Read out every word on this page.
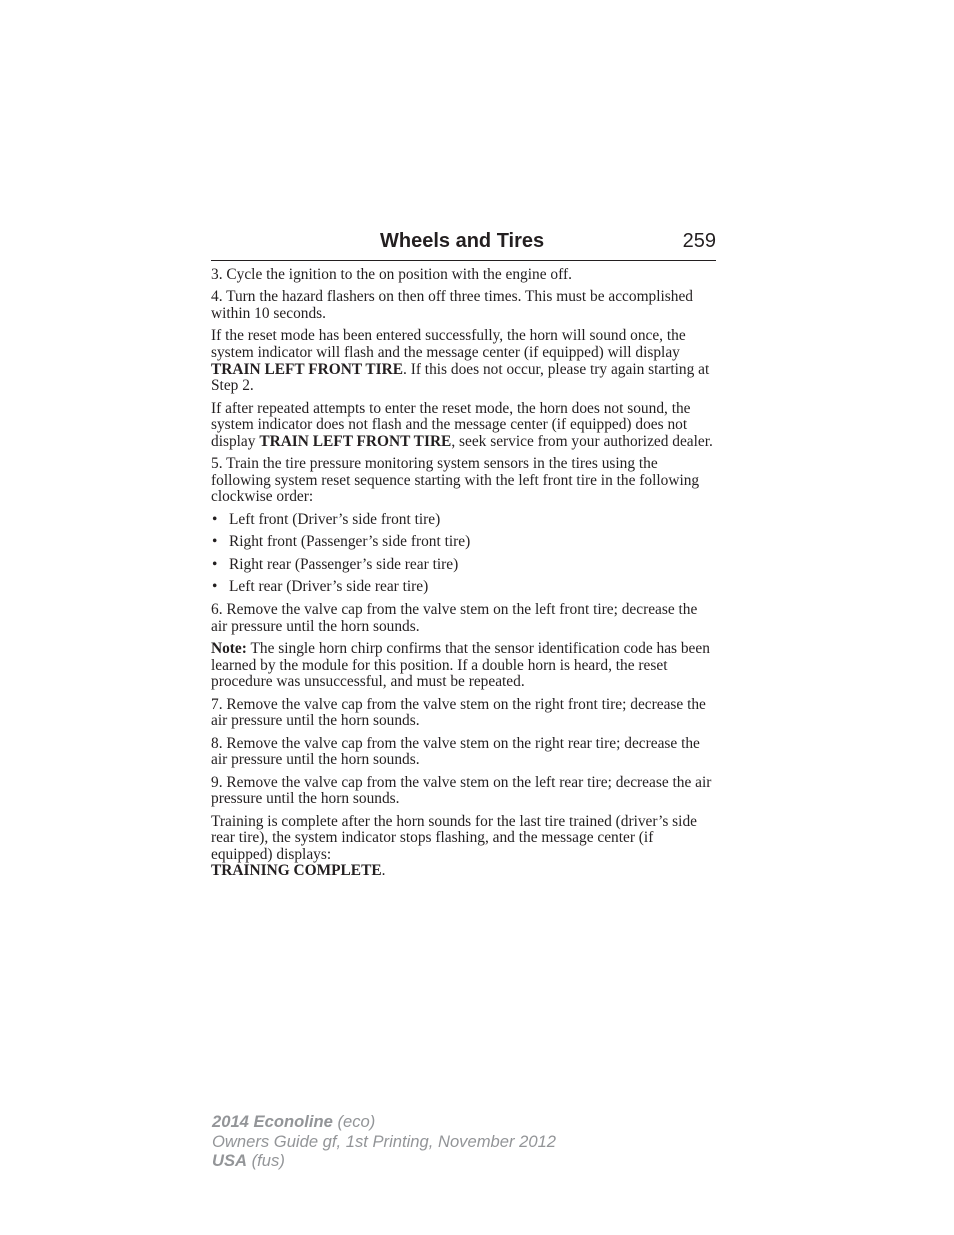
Wheels and Tires	259

3. Cycle the ignition to the on position with the engine off.

4. Turn the hazard flashers on then off three times. This must be accomplished within 10 seconds.

If the reset mode has been entered successfully, the horn will sound once, the system indicator will flash and the message center (if equipped) will display TRAIN LEFT FRONT TIRE. If this does not occur, please try again starting at Step 2.

If after repeated attempts to enter the reset mode, the horn does not sound, the system indicator does not flash and the message center (if equipped) does not display TRAIN LEFT FRONT TIRE, seek service from your authorized dealer.

5. Train the tire pressure monitoring system sensors in the tires using the following system reset sequence starting with the left front tire in the following clockwise order:

• Left front (Driver’s side front tire)
• Right front (Passenger’s side front tire)
• Right rear (Passenger’s side rear tire)
• Left rear (Driver’s side rear tire)

6. Remove the valve cap from the valve stem on the left front tire; decrease the air pressure until the horn sounds.

Note: The single horn chirp confirms that the sensor identification code has been learned by the module for this position. If a double horn is heard, the reset procedure was unsuccessful, and must be repeated.

7. Remove the valve cap from the valve stem on the right front tire; decrease the air pressure until the horn sounds.

8. Remove the valve cap from the valve stem on the right rear tire; decrease the air pressure until the horn sounds.

9. Remove the valve cap from the valve stem on the left rear tire; decrease the air pressure until the horn sounds.

Training is complete after the horn sounds for the last tire trained (driver’s side rear tire), the system indicator stops flashing, and the message center (if equipped) displays:
TRAINING COMPLETE.

2014 Econoline (eco)
Owners Guide gf, 1st Printing, November 2012
USA (fus)
